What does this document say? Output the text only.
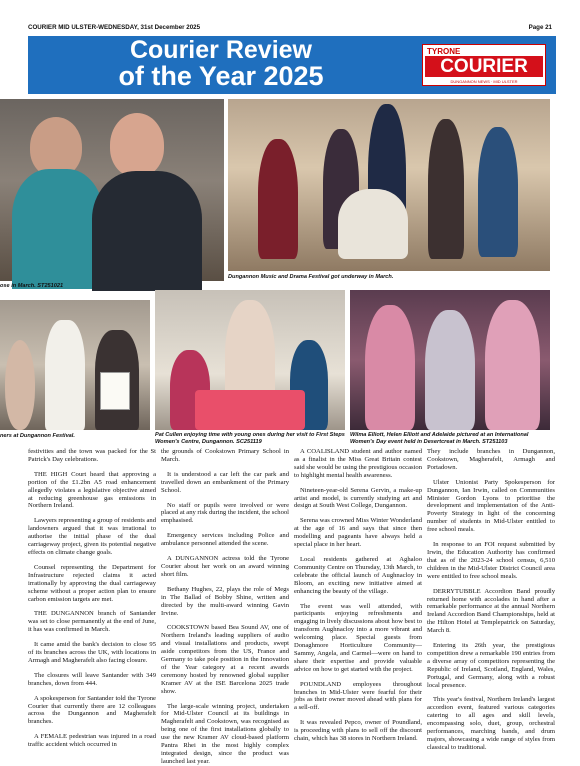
COURIER MID ULSTER-WEDNESDAY, 31st December 2025	Page 21
Courier Review
of the Year 2025
TYRONE
COURIER
DUNGANNON NEWS · MID ULSTER
ose in March. ST251021
Dungannon Music and Drama Festival got underway in March.
ners at Dungannon Festival.	Pat Cullen enjoying time with young ones during her visit to First Steps Women's Centre, Dungannon. SC251119
Wilma Elliott, Helen Elliott and Adelaide pictured at an International Women's Day event held in Desertcreat in March. ST251103

festivities and the town was packed for the St Patrick's Day celebrations.

THE HIGH Court heard that approving a portion of the £1.2bn A5 road enhancement allegedly violates a legislative objective aimed at reducing greenhouse gas emissions in Northern Ireland.

Lawyers representing a group of residents and landowners argued that it was irrational to authorise the initial phase of the dual carriageway project, given its potential negative effects on climate change goals.

Counsel representing the Department for Infrastructure rejected claims it acted irrationally by approving the dual carriageway scheme without a proper action plan to ensure carbon emission targets are met.

THE DUNGANNON branch of Santander was set to close permanently at the end of June, it has was confirmed in March.

It came amid the bank's decision to close 95 of its branches across the UK, with locations in Armagh and Magherafelt also facing closure.

The closures will leave Santander with 349 branches, down from 444.

A spokesperson for Santander told the Tyrone Courier that currently there are 12 colleagues across the Dungannon and Magherafelt branches.

A FEMALE pedestrian was injured in a road traffic accident which occurred in

the grounds of Cookstown Primary School in March.

It is understood a car left the car park and travelled down an embankment of the Primary School.

No staff or pupils were involved or were placed at any risk during the incident, the school emphasised.

Emergency services including Police and ambulance personnel attended the scene.

A DUNGANNON actress told the Tyrone Courier about her work on an award winning short film.

Bethany Hughes, 22, plays the role of Megs in The Ballad of Bobby Shine, written and directed by the multi-award winning Gavin Irvine.

COOKSTOWN based Bea Sound AV, one of Northern Ireland's leading suppliers of audio and visual installations and products, swept aside competitors from the US, France and Germany to take pole position in the Innovation of the Year category at a recent awards ceremony hosted by renowned global supplier Kramer AV at the ISE Barcelona 2025 trade show.

The large-scale winning project, undertaken for Mid-Ulster Council at its buildings in Magherafelt and Cookstown, was recognised as being one of the first installations globally to use the new Kramer AV cloud-based platform Pantra Rhei in the most highly complex integrated design, since the product was launched last year.

A COALISLAND student and author named as a finalist in the Miss Great Britain contest said she would be using the prestigious occasion to highlight mental health awareness.

Nineteen-year-old Serena Gervin, a make-up artist and model, is currently studying art and design at South West College, Dungannon.

Serena was crowned Miss Winter Wonderland at the age of 16 and says that since then modelling and pageants have always held a special place in her heart.

Local residents gathered at Aghaloo Community Centre on Thursday, 13th March, to celebrate the official launch of Aughnacloy in Bloom, an exciting new initiative aimed at enhancing the beauty of the village.

The event was well attended, with participants enjoying refreshments and engaging in lively discussions about how best to transform Aughnacloy into a more vibrant and welcoming place. Special guests from Donaghmore Horticulture Community—Sammy, Angela, and Carmel—were on hand to share their expertise and provide valuable advice on how to get started with the project.

POUNDLAND employees throughout branches in Mid-Ulster were fearful for their jobs as their owner moved ahead with plans for a sell-off.

It was revealed Pepco, owner of Poundland, is proceeding with plans to sell off the discount chain, which has 38 stores in Northern Ireland.

They include branches in Dungannon, Cookstown, Magherafelt, Armagh and Portadown.

Ulster Unionist Party Spokesperson for Dungannon, Ian Irwin, called on Communities Minister Gordon Lyons to prioritise the development and implementation of the Anti-Poverty Strategy in light of the concerning number of students in Mid-Ulster entitled to free school meals.

In response to an FOI request submitted by Irwin, the Education Authority has confirmed that as of the 2023-24 school census, 6,510 children in the Mid-Ulster District Council area were entitled to free school meals.

DERRYTUBBLE Accordion Band proudly returned home with accolades in hand after a remarkable performance at the annual Northern Ireland Accordion Band Championships, held at the Hilton Hotel at Templepatrick on Saturday, March 8.

Entering its 26th year, the prestigious competition drew a remarkable 190 entries from a diverse array of competitors representing the Republic of Ireland, Scotland, England, Wales, Portugal, and Germany, along with a robust local presence.

This year's festival, Northern Ireland's largest accordion event, featured various categories catering to all ages and skill levels, encompassing solo, duet, group, orchestral performances, marching bands, and drum majors, showcasing a wide range of styles from classical to traditional.
